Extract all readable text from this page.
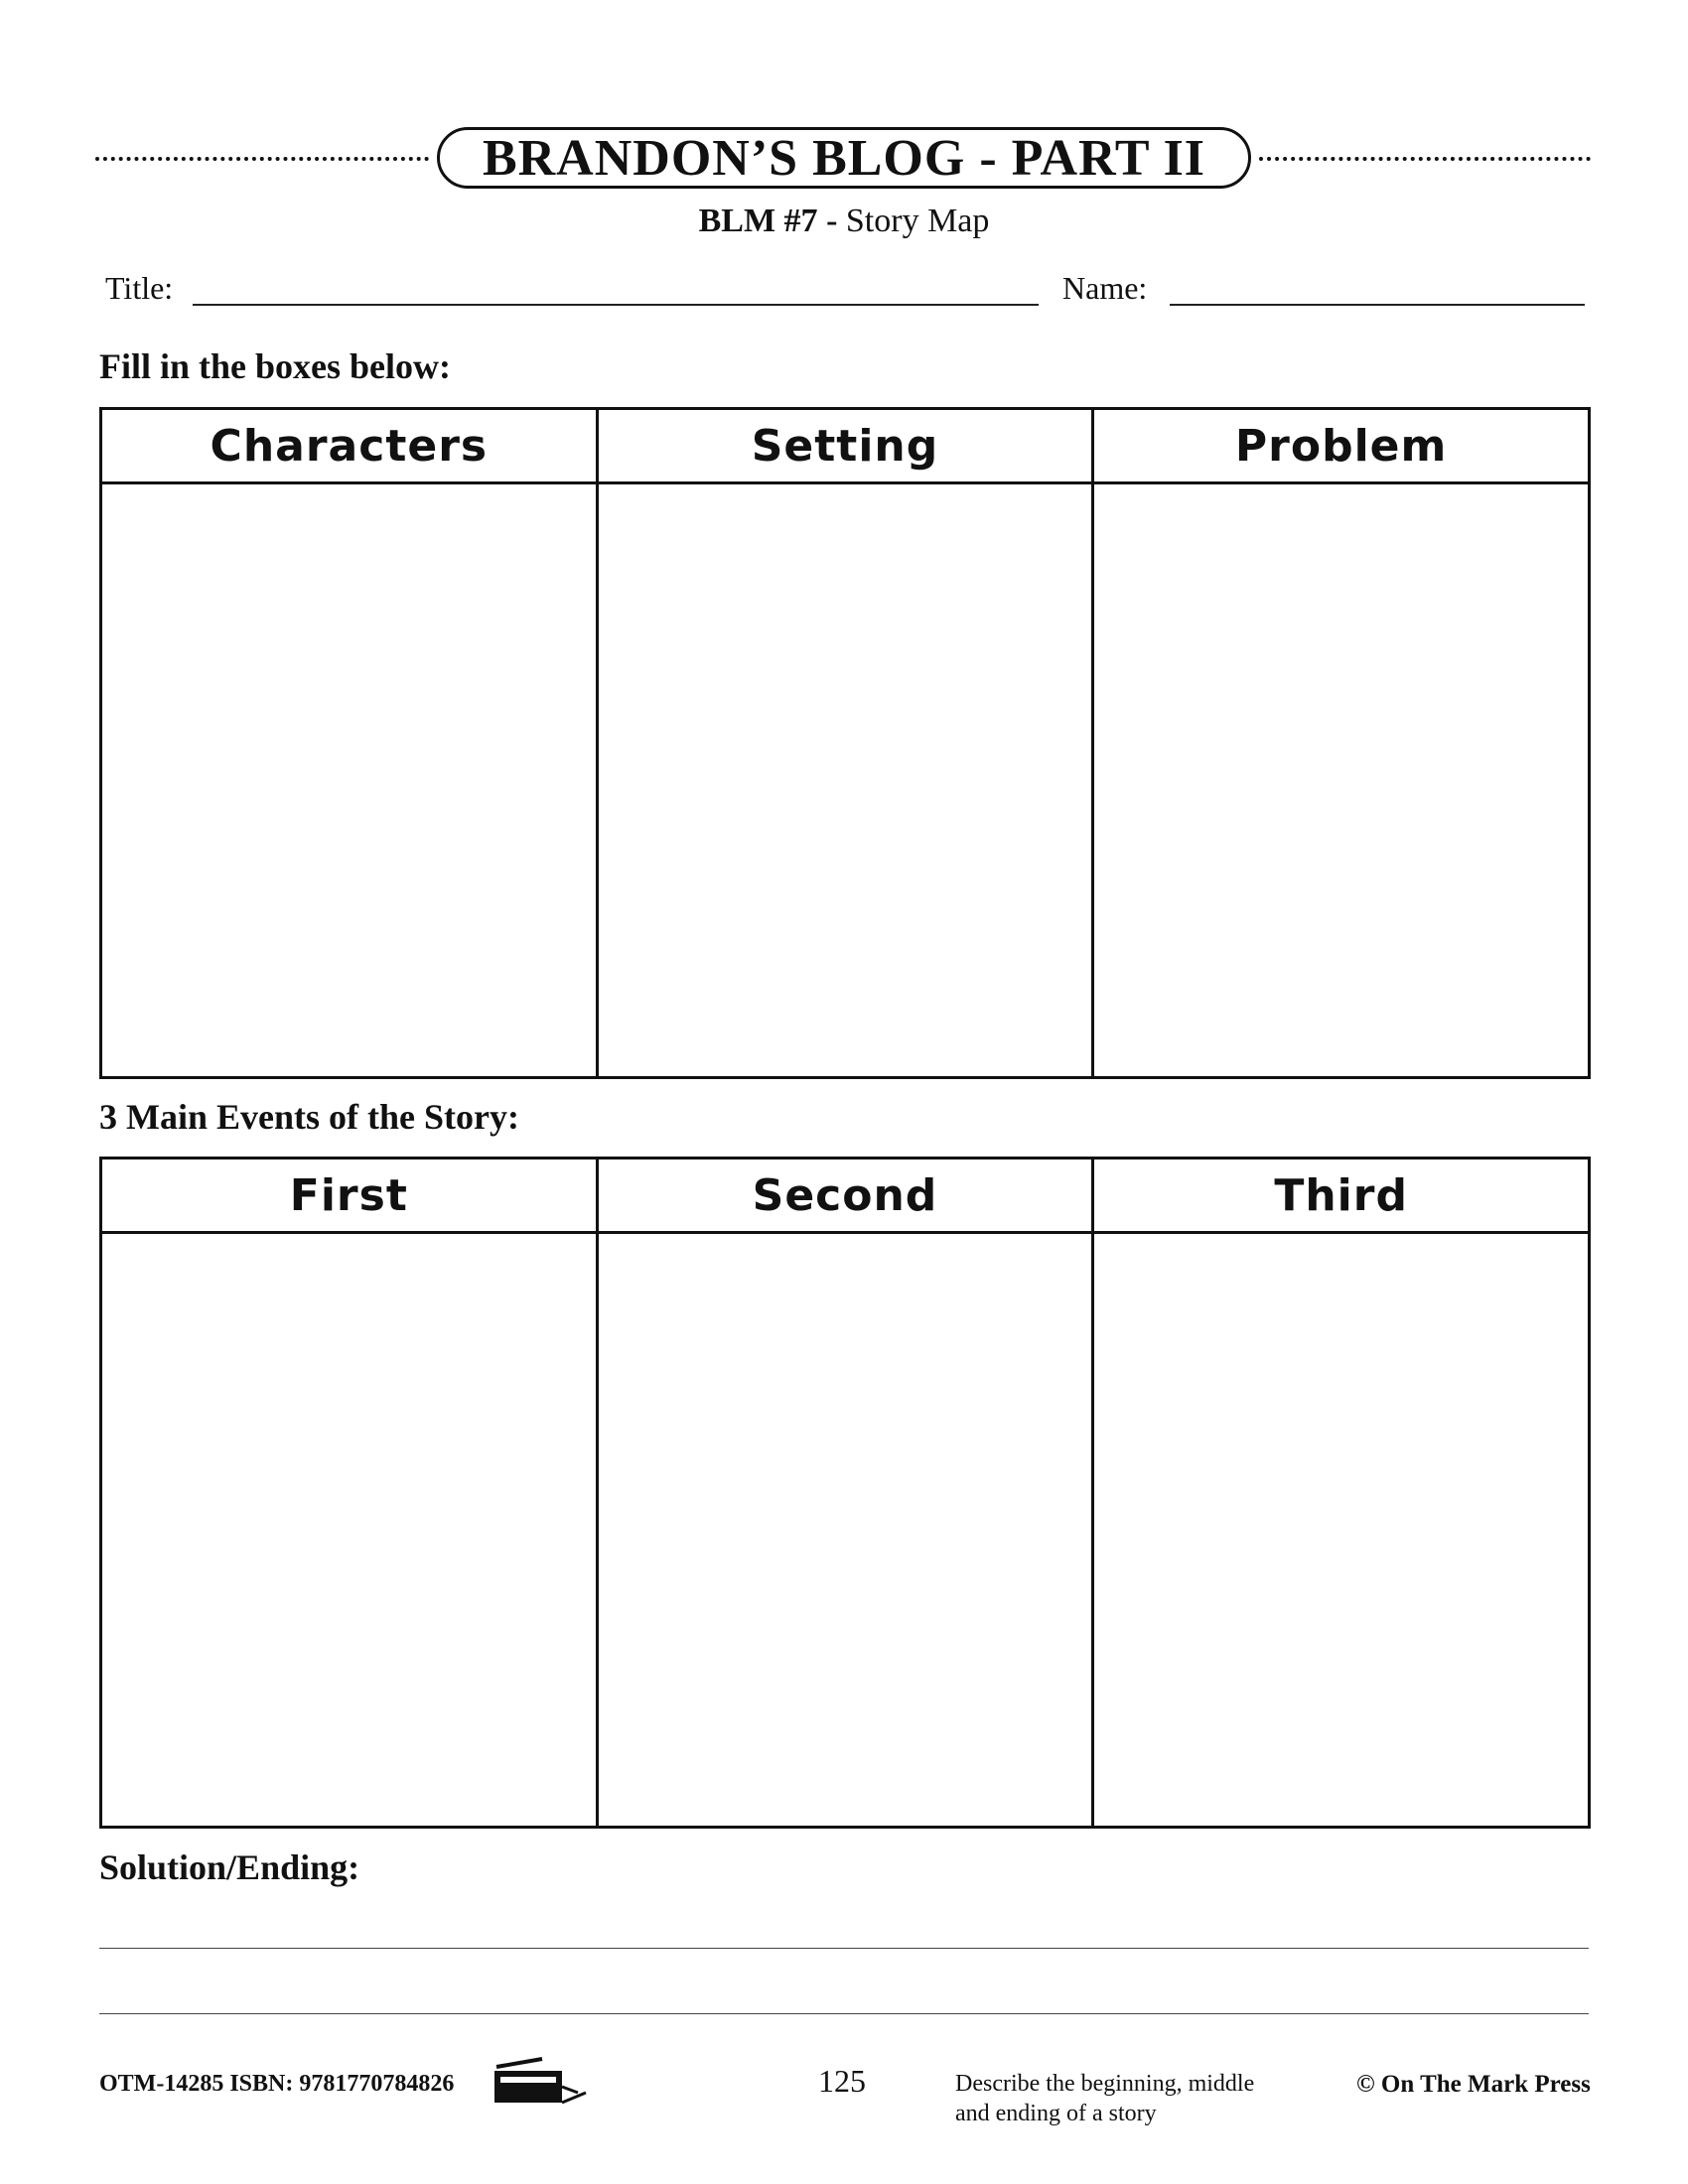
BRANDON’S BLOG - PART II
BLM #7 - Story Map
Title:	Name:
Fill in the boxes below:
Characters	Setting	Problem

3 Main Events of the Story:
First	Second	Third

Solution/Ending:
OTM-14285 ISBN: 9781770784826	125	Describe the beginning, middle
and ending of a story
© On The Mark Press
